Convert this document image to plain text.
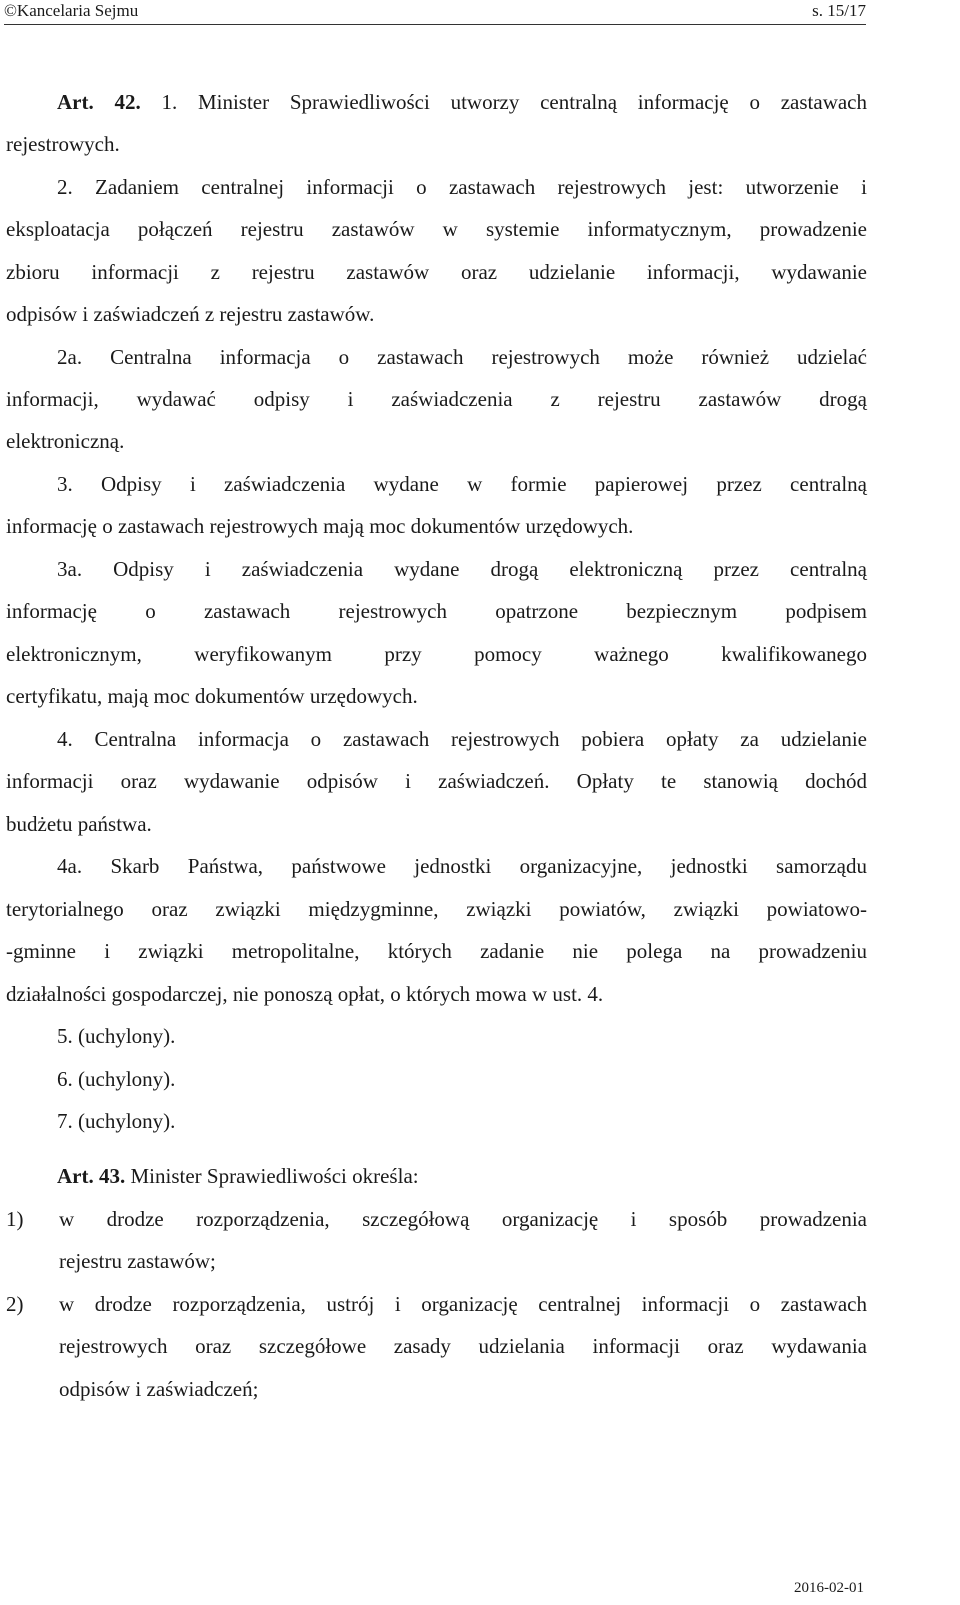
©Kancelaria Sejmu	s. 15/17
Art. 42. 1. Minister Sprawiedliwości utworzy centralną informację o zastawach
rejestrowych.
2. Zadaniem centralnej informacji o zastawach rejestrowych jest: utworzenie i
eksploatacja połączeń rejestru zastawów w systemie informatycznym, prowadzenie
zbioru informacji z rejestru zastawów oraz udzielanie informacji, wydawanie
odpisów i zaświadczeń z rejestru zastawów.
2a. Centralna informacja o zastawach rejestrowych może również udzielać
informacji, wydawać odpisy i zaświadczenia z rejestru zastawów drogą
elektroniczną.
3. Odpisy i zaświadczenia wydane w formie papierowej przez centralną
informację o zastawach rejestrowych mają moc dokumentów urzędowych.
3a. Odpisy i zaświadczenia wydane drogą elektroniczną przez centralną
informację o zastawach rejestrowych opatrzone bezpiecznym podpisem
elektronicznym, weryfikowanym przy pomocy ważnego kwalifikowanego
certyfikatu, mają moc dokumentów urzędowych.
4. Centralna informacja o zastawach rejestrowych pobiera opłaty za udzielanie
informacji oraz wydawanie odpisów i zaświadczeń. Opłaty te stanowią dochód
budżetu państwa.
4a. Skarb Państwa, państwowe jednostki organizacyjne, jednostki samorządu
terytorialnego oraz związki międzygminne, związki powiatów, związki powiatowo-
-gminne i związki metropolitalne, których zadanie nie polega na prowadzeniu
działalności gospodarczej, nie ponoszą opłat, o których mowa w ust. 4.
5. (uchylony).
6. (uchylony).
7. (uchylony).
Art. 43. Minister Sprawiedliwości określa:
1) w drodze rozporządzenia, szczegółową organizację i sposób prowadzenia
rejestru zastawów;
2) w drodze rozporządzenia, ustrój i organizację centralnej informacji o zastawach
rejestrowych oraz szczegółowe zasady udzielania informacji oraz wydawania
odpisów i zaświadczeń;
2016-02-01
